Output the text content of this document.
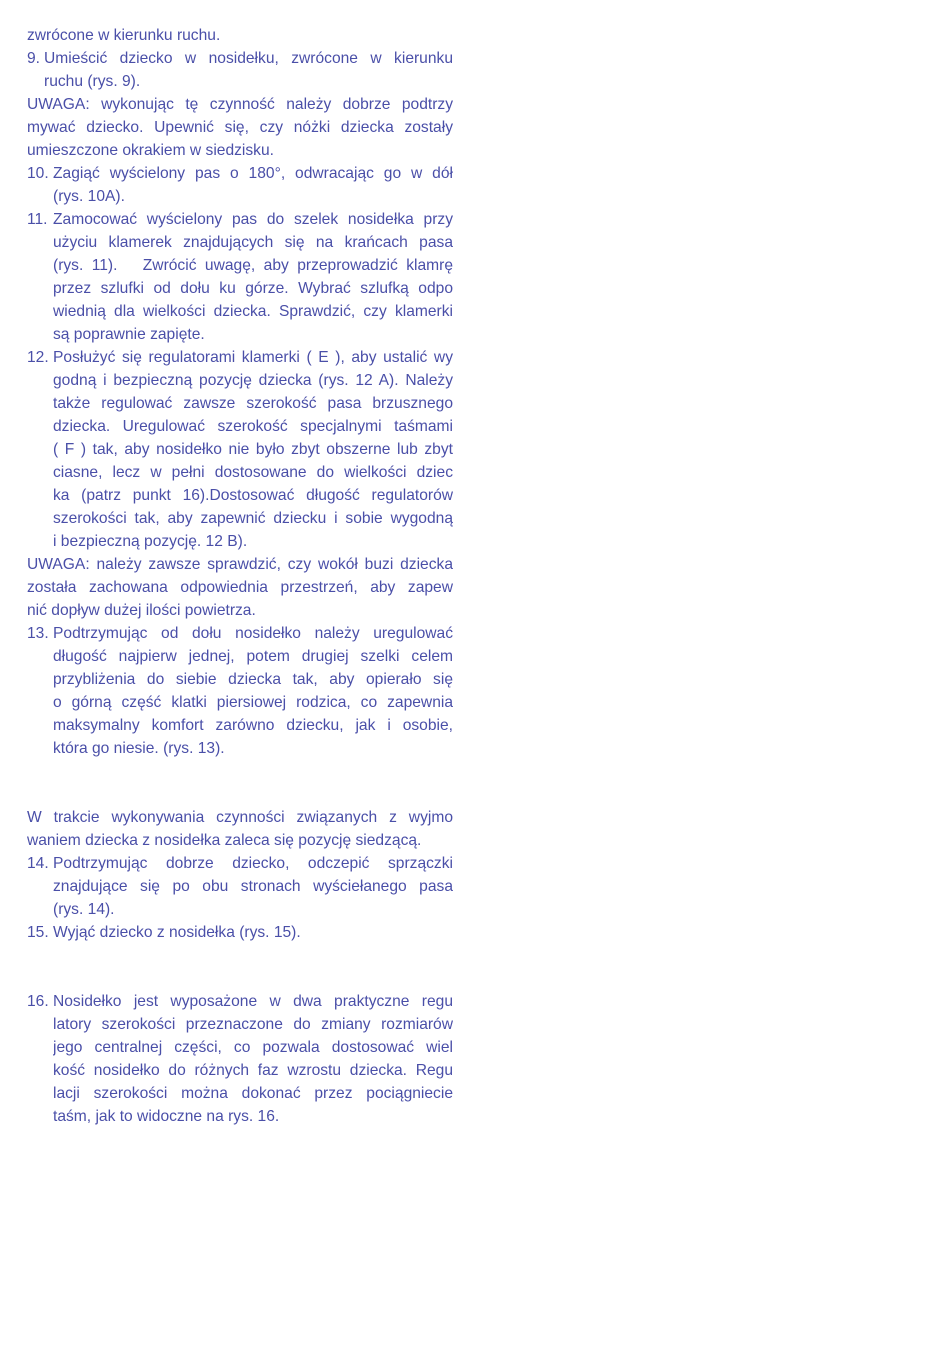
zwrócone w kierunku ruchu.
9. Umieścić dziecko w nosidełku, zwrócone w kierunku
ruchu (rys. 9).
UWAGA: wykonując tę czynność należy dobrze podtrzy
mywać dziecko. Upewnić się, czy nóżki dziecka zostały
umieszczone okrakiem w siedzisku.
10. Zagiąć wyścielony pas o 180°, odwracając go w dół
(rys. 10A).
11. Zamocować wyścielony pas do szelek nosidełka przy
użyciu klamerek znajdujących się na krańcach pasa
(rys. 11).   Zwrócić uwagę, aby przeprowadzić klamrę
przez szlufki od dołu ku górze. Wybrać szlufką odpo
wiednią dla wielkości dziecka. Sprawdzić, czy klamerki
są poprawnie zapięte.
12. Posłużyć się regulatorami klamerki ( E ), aby ustalić wy
godną i bezpieczną pozycję dziecka (rys. 12 A). Należy
także regulować zawsze szerokość pasa brzusznego
dziecka. Uregulować szerokość specjalnymi taśmami
( F ) tak, aby nosidełko nie było zbyt obszerne lub zbyt
ciasne, lecz w pełni dostosowane do wielkości dziec
ka (patrz punkt 16).Dostosować długość regulatorów
szerokości tak, aby zapewnić dziecku i sobie wygodną
i bezpieczną pozycję. 12 B).
UWAGA: należy zawsze sprawdzić, czy wokół buzi dziecka
została zachowana odpowiednia przestrzeń, aby zapew
nić dopływ dużej ilości powietrza.
13. Podtrzymując od dołu nosidełko należy uregulować
długość najpierw jednej, potem drugiej szelki celem
przybliżenia do siebie dziecka tak, aby opierało się
o górną część klatki piersiowej rodzica, co zapewnia
maksymalny komfort zarówno dziecku, jak i osobie,
która go niesie. (rys. 13).
W trakcie wykonywania czynności związanych z wyjmo
waniem dziecka z nosidełka zaleca się pozycję siedzącą.
14. Podtrzymując dobrze dziecko, odczepić sprzączki
znajdujące się po obu stronach wyściełanego pasa
(rys. 14).
15. Wyjąć dziecko z nosidełka (rys. 15).
16. Nosidełko jest wyposażone w dwa praktyczne regu
latory szerokości przeznaczone do zmiany rozmiarów
jego centralnej części, co pozwala dostosować wiel
kość nosidełko do różnych faz wzrostu dziecka. Regu
lacji szerokości można dokonać przez pociągniecie
taśm, jak to widoczne na rys. 16.
